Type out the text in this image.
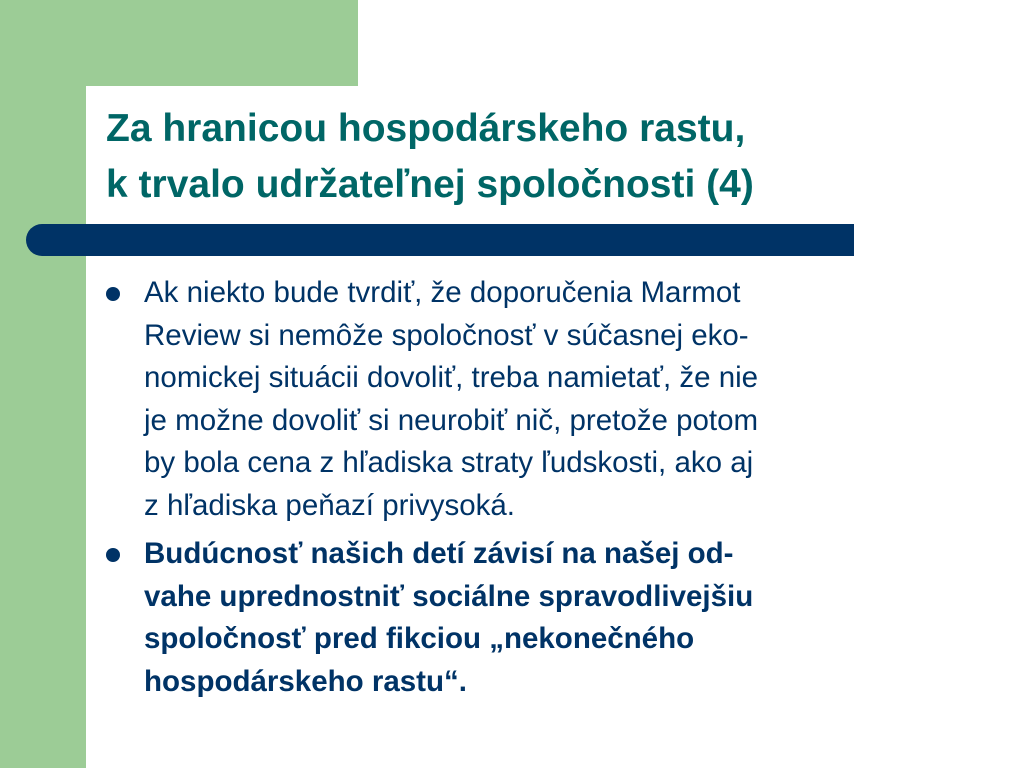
Za hranicou hospodárskeho rastu,
k trvalo udržateľnej spoločnosti (4)
Ak niekto bude tvrdiť, že doporučenia Marmot
Review si nemôže spoločnosť v súčasnej eko-
nomickej situácii dovoliť, treba namietať, že nie
je možne dovoliť si neurobiť nič, pretože potom
by bola cena z hľadiska straty ľudskosti, ako aj
z hľadiska peňazí privysoká.
Budúcnosť našich detí závisí na našej od-
vahe uprednostniť sociálne spravodlivejšiu
spoločnosť pred fikciou „nekonečného
hospodárskeho rastu“.
